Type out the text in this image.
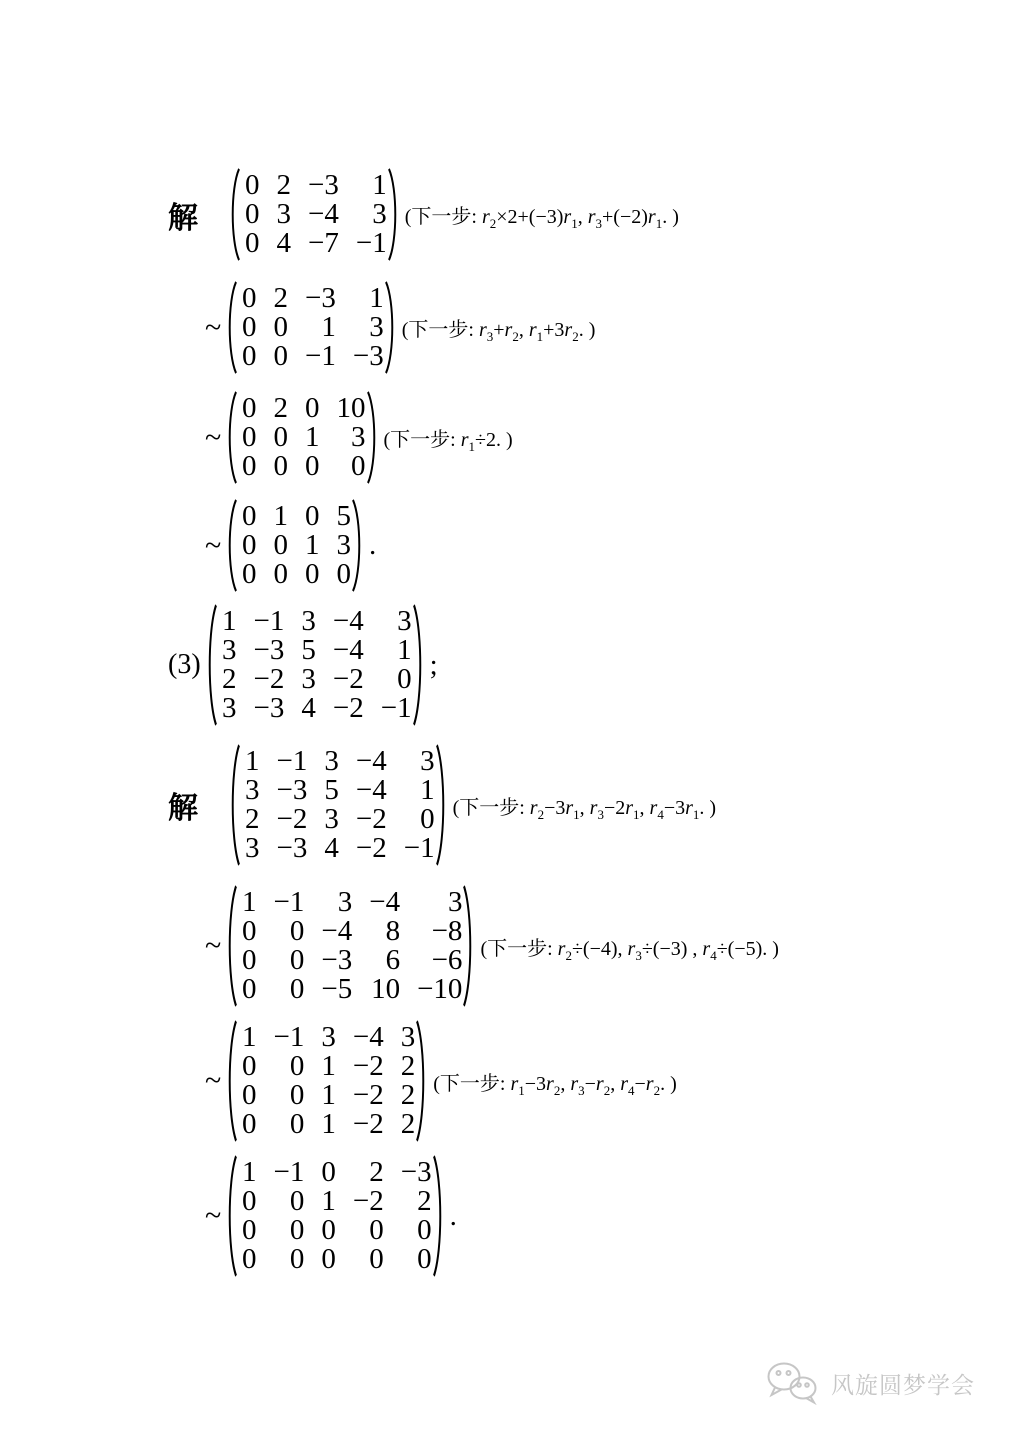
解
0 2 −3	1
0 3 −4	3
0 4 −7 −1
(下一步: $r_2\times 2+(-3)r_1$, $r_3+(-2)r_1$. )
~
0 2 −3	1
0 0	1	3
0 0 −1 −3
(下一步: $r_3+r_2$, $r_1+3r_2$. )
~
0 2 0 10
0 0 1	3
0 0 0	0
(下一步: $r_1\div 2$. )
~
0 1 0 5
0 0 1 3
0 0 0 0
.
(3)
1 −1 3 −4	3
3 −3 5 −4	1
2 −2 3 −2	0
3 −3 4 −2 −1
;
解
1 −1 3 −4	3
3 −3 5 −4	1
2 −2 3 −2	0
3 −3 4 −2 −1
(下一步: $r_2-3r_1$, $r_3-2r_1$, $r_4-3r_1$. )
~
1 −1	3 −4	3
0	0 −4	8	−8
0	0 −3	6	−6
0	0 −5 10 −10
(下一步: $r_2\div(-4)$, $r_3\div(-3)$ , $r_4\div(-5)$. )
~
1 −1 3 −4 3
0	0 1 −2 2
0	0 1 −2 2
0	0 1 −2 2
(下一步: $r_1-3r_2$, $r_3-r_2$, $r_4-r_2$. )
~
1 −1 0	2 −3
0	0 1 −2	2
0	0 0	0	0
0	0 0	0	0
.
风旋圆梦学会
